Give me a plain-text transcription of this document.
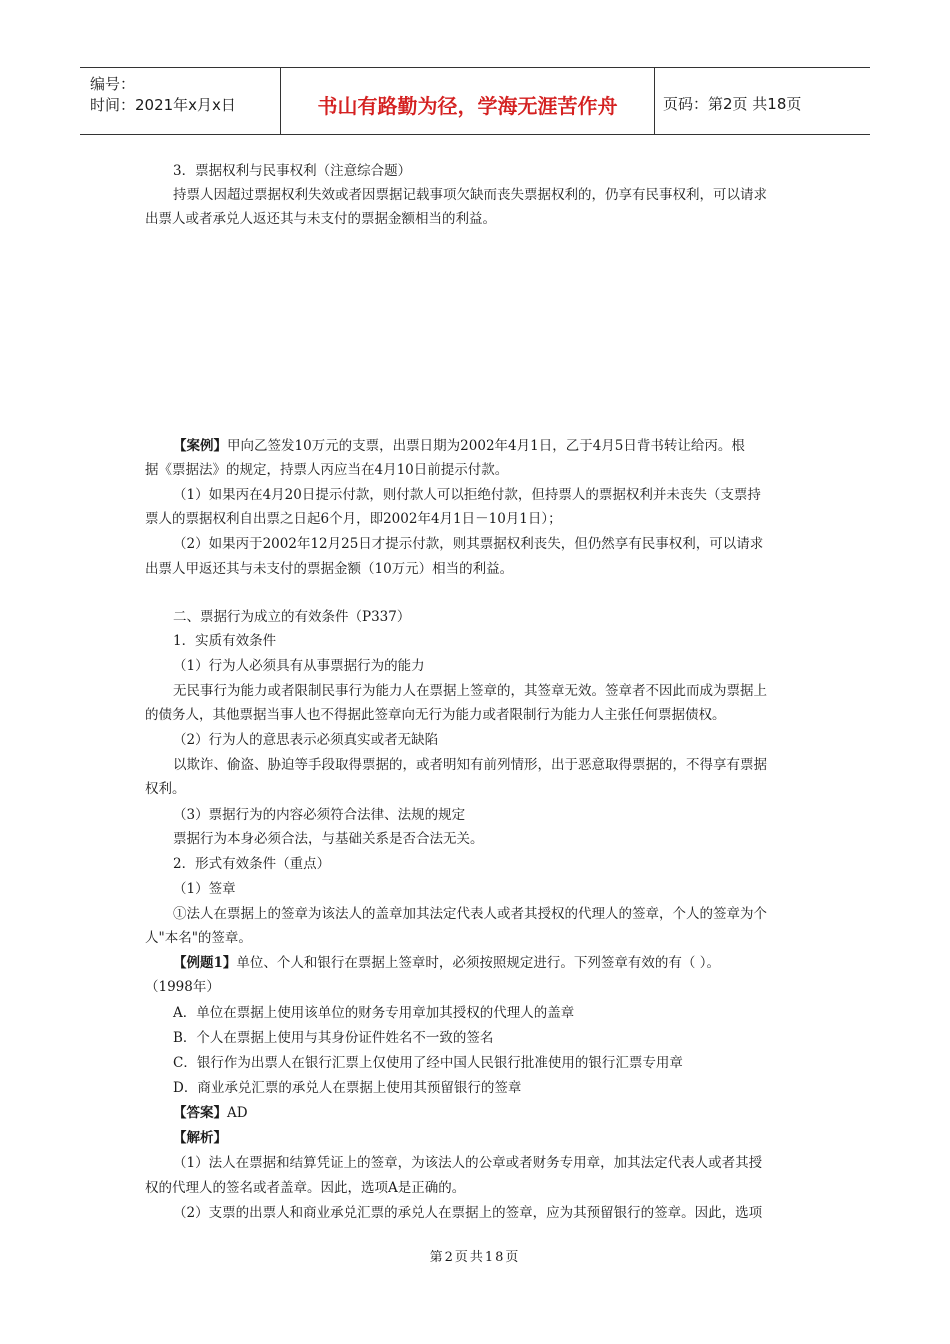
编号：
时间：2021年x月x日	书山有路勤为径，学海无涯苦作舟	页码：第2页 共18页
3．票据权利与民事权利（注意综合题）
持票人因超过票据权利失效或者因票据记载事项欠缺而丧失票据权利的，仍享有民事权利，可以请求
出票人或者承兑人返还其与未支付的票据金额相当的利益。
【案例】甲向乙签发10万元的支票，出票日期为2002年4月1日，乙于4月5日背书转让给丙。根
据《票据法》的规定，持票人丙应当在4月10日前提示付款。
（1）如果丙在4月20日提示付款，则付款人可以拒绝付款，但持票人的票据权利并未丧失（支票持
票人的票据权利自出票之日起6个月，即2002年4月1日－10月1日）；
（2）如果丙于2002年12月25日才提示付款，则其票据权利丧失，但仍然享有民事权利，可以请求
出票人甲返还其与未支付的票据金额（10万元）相当的利益。
二、票据行为成立的有效条件（P337）
1．实质有效条件
（1）行为人必须具有从事票据行为的能力
无民事行为能力或者限制民事行为能力人在票据上签章的，其签章无效。签章者不因此而成为票据上
的债务人，其他票据当事人也不得据此签章向无行为能力或者限制行为能力人主张任何票据债权。
（2）行为人的意思表示必须真实或者无缺陷
以欺诈、偷盗、胁迫等手段取得票据的，或者明知有前列情形，出于恶意取得票据的，不得享有票据
权利。
（3）票据行为的内容必须符合法律、法规的规定
票据行为本身必须合法，与基础关系是否合法无关。
2．形式有效条件（重点）
（1）签章
①法人在票据上的签章为该法人的盖章加其法定代表人或者其授权的代理人的签章，个人的签章为个
人"本名"的签章。
【例题1】单位、个人和银行在票据上签章时，必须按照规定进行。下列签章有效的有（ ）。
（1998年）
A．单位在票据上使用该单位的财务专用章加其授权的代理人的盖章
B．个人在票据上使用与其身份证件姓名不一致的签名
C．银行作为出票人在银行汇票上仅使用了经中国人民银行批准使用的银行汇票专用章
D．商业承兑汇票的承兑人在票据上使用其预留银行的签章
【答案】AD
【解析】
（1）法人在票据和结算凭证上的签章，为该法人的公章或者财务专用章，加其法定代表人或者其授
权的代理人的签名或者盖章。因此，选项A是正确的。
（2）支票的出票人和商业承兑汇票的承兑人在票据上的签章，应为其预留银行的签章。因此，选项
第2页共18页
